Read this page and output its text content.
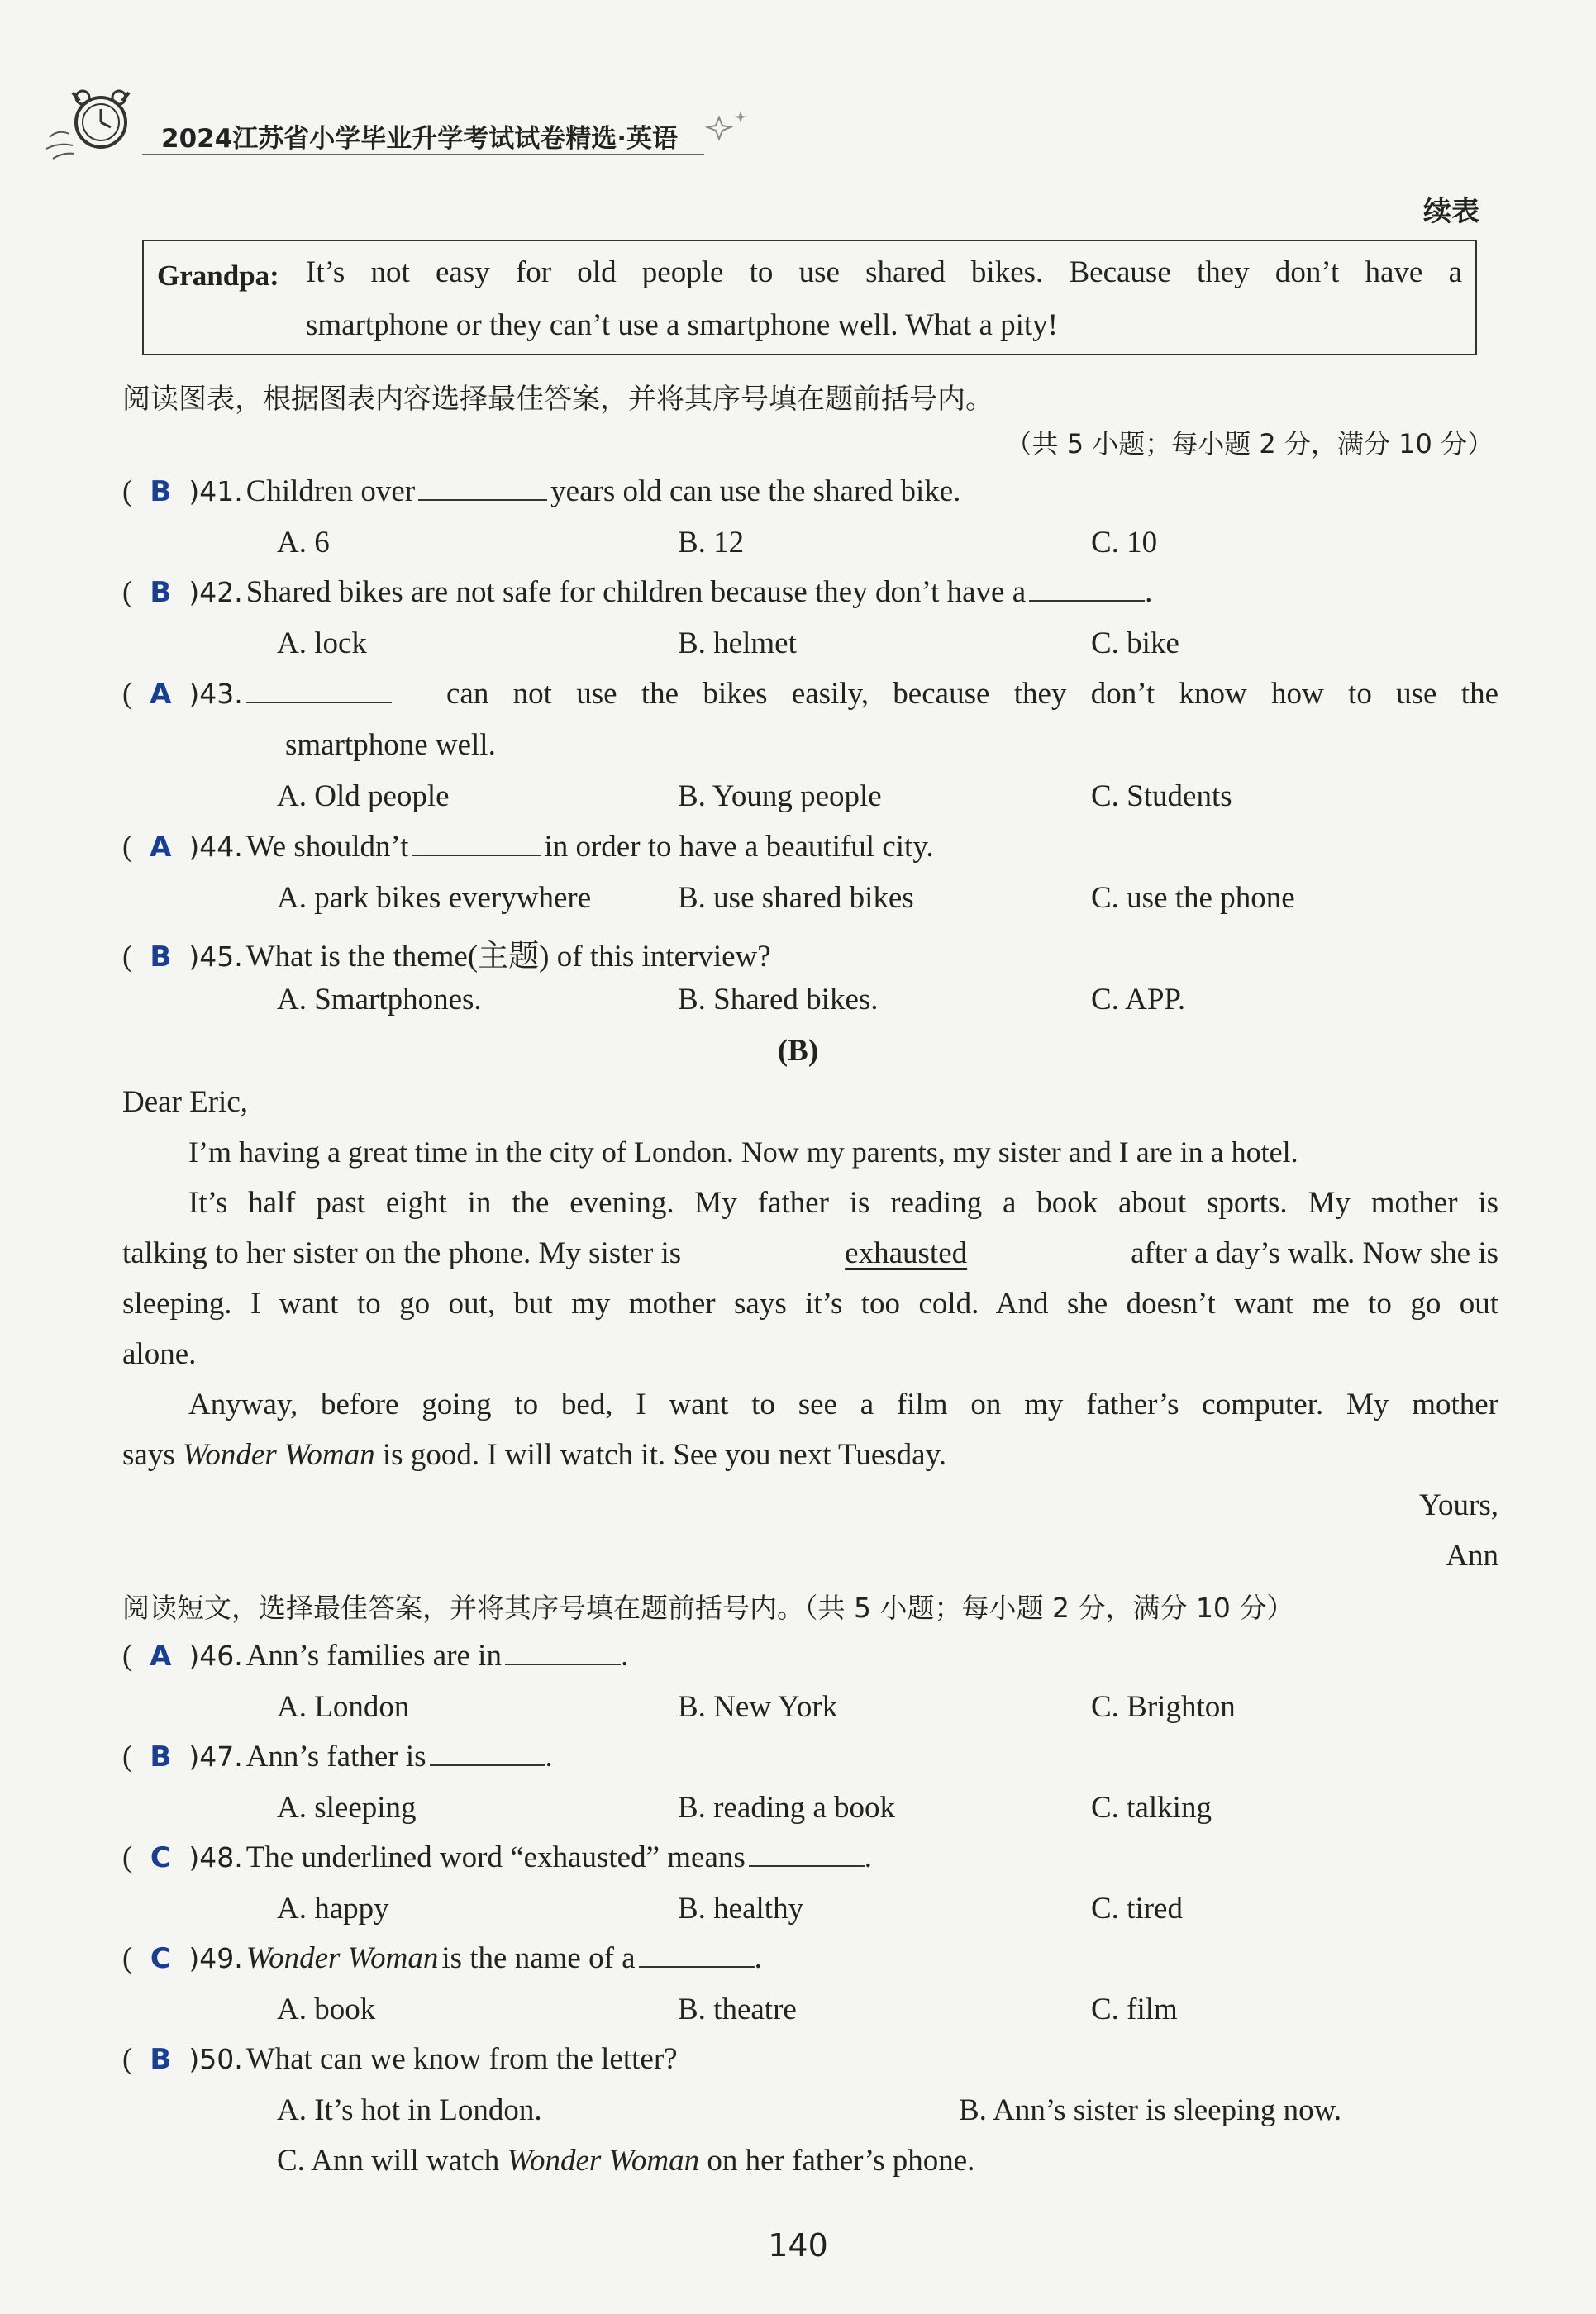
2024江苏省小学毕业升学考试试卷精选·英语
续表
Grandpa: It’s not easy for old people to use shared bikes. Because they don’t have a
smartphone or they can’t use a smartphone well. What a pity!
阅读图表，根据图表内容选择最佳答案，并将其序号填在题前括号内。
（共 5 小题；每小题 2 分，满分 10 分）
( B )41. Children over	years old can use the shared bike.
A. 6	B. 12	C. 10
( B )42. Shared bikes are not safe for children because they don’t have a	.
A. lock	B. helmet	C. bike
( A )43.	can not use the bikes easily, because they don’t know how to use the
smartphone well.
A. Old people	B. Young people	C. Students
( A )44. We shouldn’t	in order to have a beautiful city.
A. park bikes everywhere	B. use shared bikes	C. use the phone
( B )45. What is the theme(主题) of this interview?
A. Smartphones.	B. Shared bikes.	C. APP.
(B)
Dear Eric,
I’m having a great time in the city of London. Now my parents, my sister and I are in a hotel.
It’s half past eight in the evening. My father is reading a book about sports. My mother is
talking to her sister on the phone. My sister is	exhausted	after a day’s walk. Now she is
sleeping. I want to go out, but my mother says it’s too cold. And she doesn’t want me to go out
alone.
Anyway, before going to bed, I want to see a film on my father’s computer. My mother
says Wonder Woman is good. I will watch it. See you next Tuesday.
Yours,
Ann
阅读短文，选择最佳答案，并将其序号填在题前括号内。（共 5 小题；每小题 2 分，满分 10 分）
( A )46. Ann’s families are in	.
A. London	B. New York	C. Brighton
( B )47. Ann’s father is	.
A. sleeping	B. reading a book	C. talking
( C )48. The underlined word “exhausted” means	.
A. happy	B. healthy	C. tired
( C )49. Wonder Woman is the name of a	.
A. book	B. theatre	C. film
( B )50. What can we know from the letter?
A. It’s hot in London.	B. Ann’s sister is sleeping now.
C. Ann will watch Wonder Woman on her father’s phone.
140
